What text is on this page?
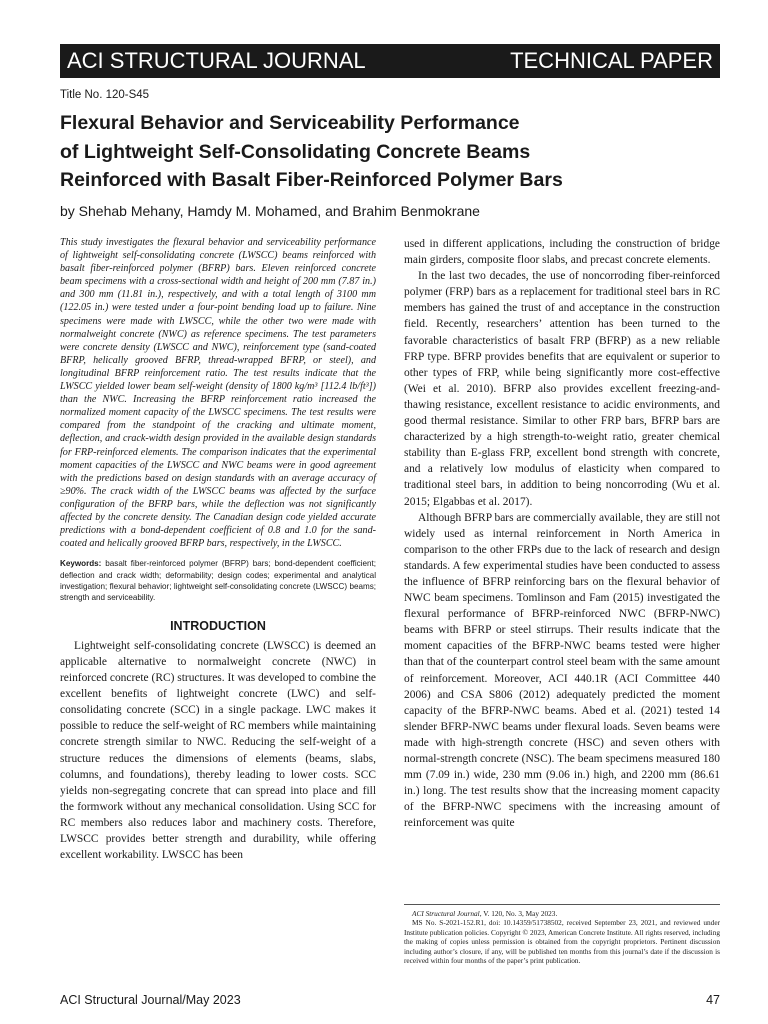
ACI STRUCTURAL JOURNAL	TECHNICAL PAPER
Title No. 120-S45
Flexural Behavior and Serviceability Performance
of Lightweight Self-Consolidating Concrete Beams
Reinforced with Basalt Fiber-Reinforced Polymer Bars
by Shehab Mehany, Hamdy M. Mohamed, and Brahim Benmokrane

This study investigates the flexural behavior and serviceability performance of lightweight self-consolidating concrete (LWSCC) beams reinforced with basalt fiber-reinforced polymer (BFRP) bars. Eleven reinforced concrete beam specimens with a cross-sectional width and height of 200 mm (7.87 in.) and 300 mm (11.81 in.), respectively, and with a total length of 3100 mm (122.05 in.) were tested under a four-point bending load up to failure. Nine specimens were made with LWSCC, while the other two were made with normalweight concrete (NWC) as reference specimens. The test parameters were concrete density (LWSCC and NWC), reinforcement type (sand-coated BFRP, helically grooved BFRP, thread-wrapped BFRP, or steel), and longitudinal BFRP reinforcement ratio. The test results indicate that the LWSCC yielded lower beam self-weight (density of 1800 kg/m³ [112.4 lb/ft³]) than the NWC. Increasing the BFRP reinforcement ratio increased the normalized moment capacity of the LWSCC specimens. The test results were compared from the standpoint of the cracking and ultimate moment, deflection, and crack-width design provided in the available design standards for FRP-reinforced elements. The comparison indicates that the experimental moment capacities of the LWSCC and NWC beams were in good agreement with the predictions based on design standards with an average accuracy of ≥90%. The crack width of the LWSCC beams was affected by the surface configuration of the BFRP bars, while the deflection was not significantly affected by the concrete density. The Canadian design code yielded accurate predictions with a bond-dependent coefficient of 0.8 and 1.0 for the sand-coated and helically grooved BFRP bars, respectively, in the LWSCC.

Keywords: basalt fiber-reinforced polymer (BFRP) bars; bond-dependent coefficient; deflection and crack width; deformability; design codes; experimental and analytical investigation; flexural behavior; lightweight self-consolidating concrete (LWSCC) beams; strength and serviceability.

INTRODUCTION

Lightweight self-consolidating concrete (LWSCC) is deemed an applicable alternative to normalweight concrete (NWC) in reinforced concrete (RC) structures. It was developed to combine the excellent benefits of lightweight concrete (LWC) and self-consolidating concrete (SCC) in a single package. LWC makes it possible to reduce the self-weight of RC members while maintaining concrete strength similar to NWC. Reducing the self-weight of a structure reduces the dimensions of elements (beams, slabs, columns, and foundations), thereby leading to lower costs. SCC yields non-segregating concrete that can spread into place and fill the formwork without any mechanical consolidation. Using SCC for RC members also reduces labor and machinery costs. Therefore, LWSCC provides better strength and durability, while offering excellent workability. LWSCC has been

used in different applications, including the construction of bridge main girders, composite floor slabs, and precast concrete elements.

In the last two decades, the use of noncorroding fiber-reinforced polymer (FRP) bars as a replacement for traditional steel bars in RC members has gained the trust of and acceptance in the construction field. Recently, researchers’ attention has been turned to the favorable characteristics of basalt FRP (BFRP) as a new reliable FRP type. BFRP provides benefits that are equivalent or superior to other types of FRP, while being significantly more cost-effective (Wei et al. 2010). BFRP also provides excellent freezing-and-thawing resistance, excellent resistance to acidic environments, and good thermal resistance. Similar to other FRP bars, BFRP bars are characterized by a high strength-to-weight ratio, greater chemical stability than E-glass FRP, excellent bond strength with concrete, and a relatively low modulus of elasticity when compared to traditional steel bars, in addition to being noncorroding (Wu et al. 2015; Elgabbas et al. 2017).

Although BFRP bars are commercially available, they are still not widely used as internal reinforcement in North America in comparison to the other FRPs due to the lack of research and design standards. A few experimental studies have been conducted to assess the influence of BFRP reinforcing bars on the flexural behavior of NWC beam specimens. Tomlinson and Fam (2015) investigated the flexural performance of BFRP-reinforced NWC (BFRP-NWC) beams with BFRP or steel stirrups. Their results indicate that the moment capacities of the BFRP-NWC beams tested were higher than that of the counterpart control steel beam with the same amount of reinforcement. Moreover, ACI 440.1R (ACI Committee 440 2006) and CSA S806 (2012) adequately predicted the moment capacity of the BFRP-NWC beams. Abed et al. (2021) tested 14 slender BFRP-NWC beams under flexural loads. Seven beams were made with high-strength concrete (HSC) and seven others with normal-strength concrete (NSC). The beam specimens measured 180 mm (7.09 in.) wide, 230 mm (9.06 in.) high, and 2200 mm (86.61 in.) long. The test results show that the increasing moment capacity of the BFRP-NWC specimens with the increasing amount of reinforcement was quite

ACI Structural Journal, V. 120, No. 3, May 2023.
MS No. S-2021-152.R1, doi: 10.14359/51738502, received September 23, 2021, and reviewed under Institute publication policies. Copyright © 2023, American Concrete Institute. All rights reserved, including the making of copies unless permission is obtained from the copyright proprietors. Pertinent discussion including author’s closure, if any, will be published ten months from this journal’s date if the discussion is received within four months of the paper’s print publication.
ACI Structural Journal/May 2023	47
